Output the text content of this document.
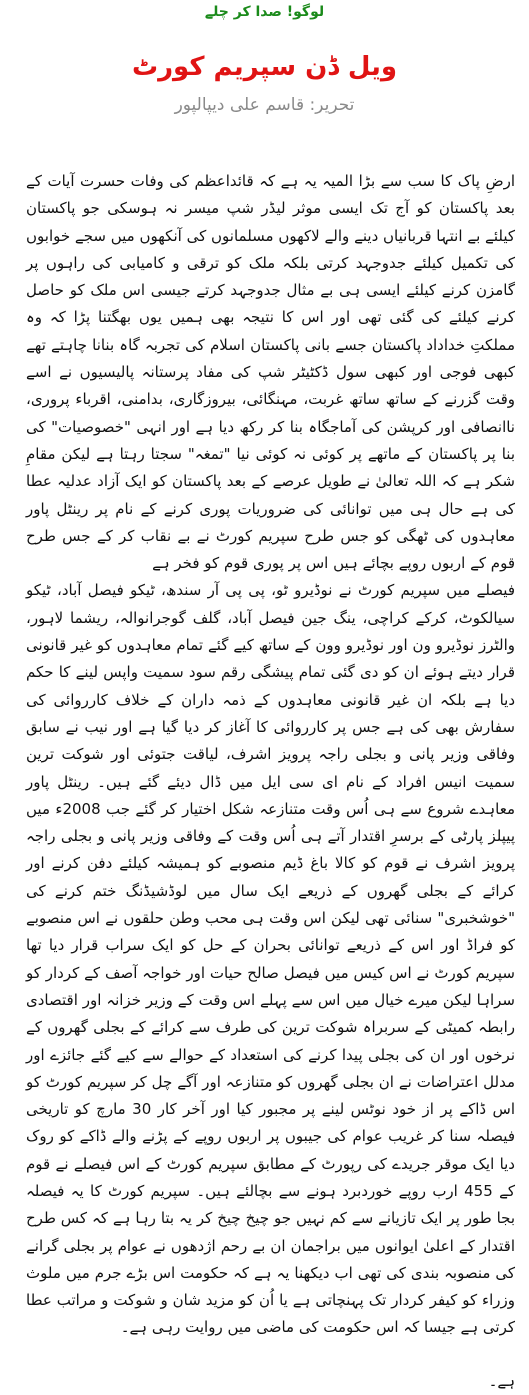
لوگو! صدا کر چلے
ویل ڈن سپریم کورٹ
تحریر: قاسم علی دیپالپور

ارضِ پاک کا سب سے بڑا المیہ یہ ہے کہ قائداعظم کی وفات حسرت آیات کے بعد پاکستان کو آج تک ایسی موثر لیڈر شپ میسر نہ ہوسکی جو پاکستان کیلئے بے انتہا قربانیاں دینے والے لاکھوں مسلمانوں کی آنکھوں میں سجے خوابوں کی تکمیل کیلئے جدوجہد کرتی بلکہ ملک کو ترقی و کامیابی کی راہوں پر گامزن کرنے کیلئے ایسی ہی بے مثال جدوجہد کرتے جیسی اس ملک کو حاصل کرنے کیلئے کی گئی تھی اور اس کا نتیجہ بھی ہمیں یوں بھگتنا پڑا کہ وہ مملکتِ خداداد پاکستان جسے بانی پاکستان اسلام کی تجربہ گاہ بنانا چاہتے تھے کبھی فوجی اور کبھی سول ڈکٹیٹر شپ کی مفاد پرستانہ پالیسیوں نے اسے وقت گزرنے کے ساتھ ساتھ غربت، مہنگائی، بیروزگاری، بدامنی، اقرباء پروری، ناانصافی اور کرپشن کی آماجگاہ بنا کر رکھ دیا ہے اور انہی "خصوصیات" کی بنا پر پاکستان کے ماتھے پر کوئی نہ کوئی نیا "تمغہ" سجتا رہتا ہے لیکن مقامِ شکر ہے کہ اللہ تعالیٰ نے طویل عرصے کے بعد پاکستان کو ایک آزاد عدلیہ عطا کی ہے حال ہی میں توانائی کی ضروریات پوری کرنے کے نام پر رینٹل پاور معاہدوں کی ٹھگی کو جس طرح سپریم کورٹ نے بے نقاب کر کے جس طرح قوم کے اربوں روپے بچائے ہیں اس پر پوری قوم کو فخر ہے

فیصلے میں سپریم کورٹ نے نوڈیرو ٹو، پی پی آر سندھ، ٹیکو فیصل آباد، ٹیکو سیالکوٹ، کرکے کراچی، ینگ جین فیصل آباد، گلف گوجرانوالہ، ریشما لاہور، والٹرز نوڈیرو ون اور نوڈیرو وون کے ساتھ کیے گئے تمام معاہدوں کو غیر قانونی قرار دیتے ہوئے ان کو دی گئی تمام پیشگی رقم سود سمیت واپس لینے کا حکم دیا ہے بلکہ ان غیر قانونی معاہدوں کے ذمہ داران کے خلاف کارروائی کی سفارش بھی کی ہے جس پر کارروائی کا آغاز کر دیا گیا ہے اور نیب نے سابق وفاقی وزیر پانی و بجلی راجہ پرویز اشرف، لیاقت جتوئی اور شوکت ترین سمیت انیس افراد کے نام ای سی ایل میں ڈال دیئے گئے ہیں۔ رینٹل پاور معاہدے شروع سے ہی اُس وقت متنازعہ شکل اختیار کر گئے جب 2008ء میں پیپلز پارٹی کے برسرِ اقتدار آتے ہی اُس وقت کے وفاقی وزیر پانی و بجلی راجہ پرویز اشرف نے قوم کو کالا باغ ڈیم منصوبے کو ہمیشہ کیلئے دفن کرنے اور کرائے کے بجلی گھروں کے ذریعے ایک سال میں لوڈشیڈنگ ختم کرنے کی "خوشخبری" سنائی تھی لیکن اس وقت ہی محب وطن حلقوں نے اس منصوبے کو فراڈ اور اس کے ذریعے توانائی بحران کے حل کو ایک سراب قرار دیا تھا سپریم کورٹ نے اس کیس میں فیصل صالح حیات اور خواجہ آصف کے کردار کو سراہا لیکن میرے خیال میں اس سے پہلے اس وقت کے وزیر خزانہ اور اقتصادی رابطہ کمیٹی کے سربراہ شوکت ترین کی طرف سے کرائے کے بجلی گھروں کے نرخوں اور ان کی بجلی پیدا کرنے کی استعداد کے حوالے سے کیے گئے جائزے اور مدلل اعتراضات نے ان بجلی گھروں کو متنازعہ اور آگے چل کر سپریم کورٹ کو اس ڈاکے پر از خود نوٹس لینے پر مجبور کیا اور آخر کار 30 مارچ کو تاریخی فیصلہ سنا کر غریب عوام کی جیبوں پر اربوں روپے کے پڑنے والے ڈاکے کو روک دیا ایک موقر جریدے کی رپورٹ کے مطابق سپریم کورٹ کے اس فیصلے نے قوم کے 455 ارب روپے خوردبرد ہونے سے بچالئے ہیں۔ سپریم کورٹ کا یہ فیصلہ بجا طور پر ایک تازیانے سے کم نہیں جو چیخ چیخ کر یہ بتا رہا ہے کہ کس طرح اقتدار کے اعلیٰ ایوانوں میں براجمان ان بے رحم اژدھوں نے عوام پر بجلی گرانے کی منصوبہ بندی کی تھی اب دیکھنا یہ ہے کہ حکومت اس بڑے جرم میں ملوث وزراء کو کیفر کردار تک پہنچاتی ہے یا اُن کو مزید شان و شوکت و مراتب عطا کرتی ہے جیسا کہ اس حکومت کی ماضی میں روایت رہی ہے۔

ہے۔
